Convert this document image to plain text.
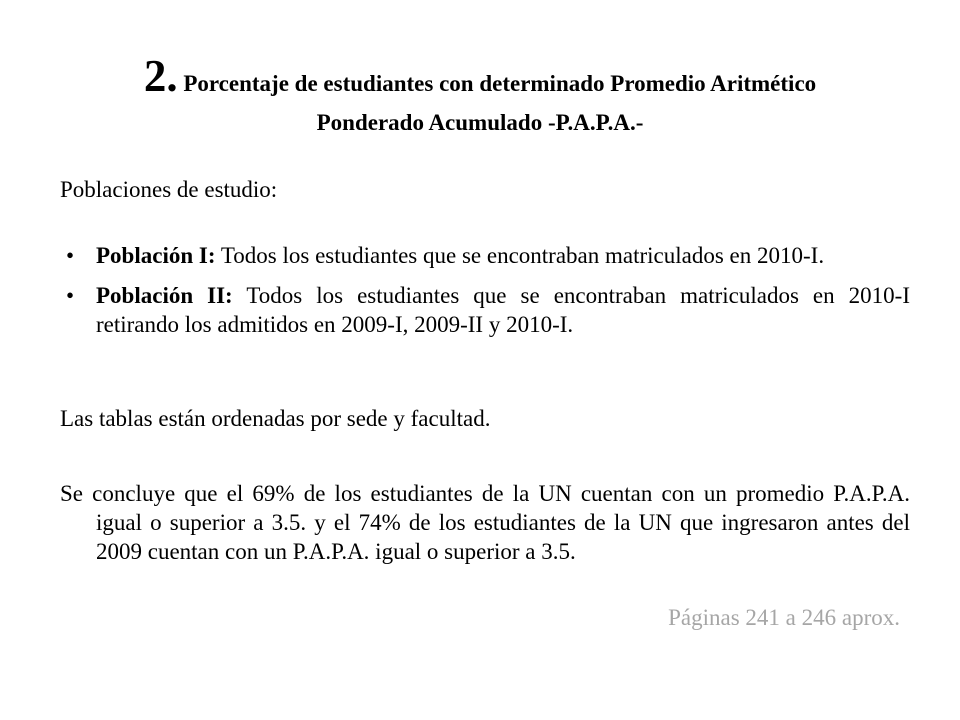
2. Porcentaje de estudiantes con determinado Promedio Aritmético
Ponderado Acumulado -P.A.P.A.-

Poblaciones de estudio:

• Población I: Todos los estudiantes que se encontraban matriculados en 2010-I.
• Población II: Todos los estudiantes que se encontraban matriculados en 2010-I retirando los admitidos en 2009-I, 2009-II y 2010-I.

Las tablas están ordenadas por sede y facultad.

Se concluye que el 69% de los estudiantes de la UN cuentan con un promedio P.A.P.A. igual o superior a 3.5. y el 74% de los estudiantes de la UN que ingresaron antes del 2009 cuentan con un P.A.P.A. igual o superior a 3.5.

Páginas 241 a 246 aprox.
